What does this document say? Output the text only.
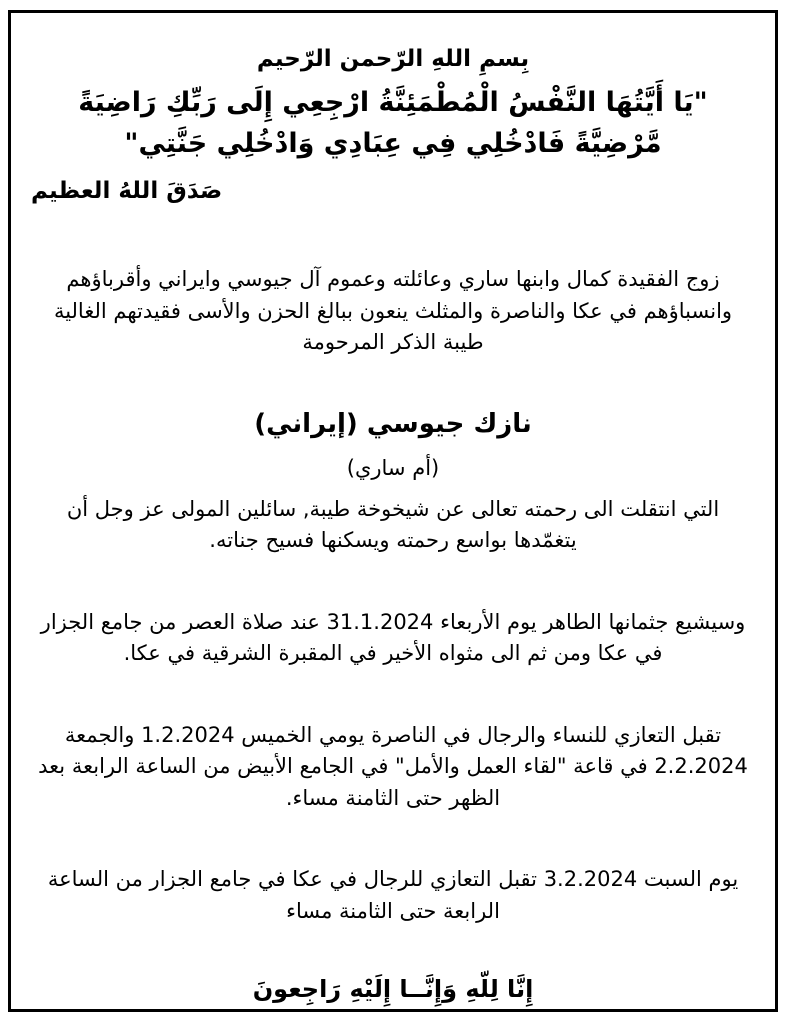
بِسمِ اللهِ الرّحمن الرّحيم
"يَا أَيَّتُهَا النَّفْسُ الْمُطْمَئِنَّةُ ارْجِعِي إِلَى رَبِّكِ رَاضِيَةً مَّرْضِيَّةً فَادْخُلِي فِي عِبَادِي وَادْخُلِي جَنَّتِي"
صَدَقَ اللهُ العظيم
زوج الفقيدة كمال وابنها ساري وعائلته وعموم آل جيوسي وايراني وأقرباؤهم وانسباؤهم في عكا والناصرة والمثلث ينعون ببالغ الحزن والأسى فقيدتهم الغالية طيبة الذكر المرحومة
نازك جيوسي (إيراني)
(أم ساري)
التي انتقلت الى رحمته تعالى عن شيخوخة طيبة, سائلين المولى عز وجل أن يتغمّدها بواسع رحمته ويسكنها فسيح جناته.
وسيشيع جثمانها الطاهر يوم الأربعاء 31.1.2024 عند صلاة العصر من جامع الجزار في عكا ومن ثم الى مثواه الأخير في المقبرة الشرقية في عكا.
تقبل التعازي للنساء والرجال في الناصرة يومي الخميس 1.2.2024 والجمعة 2.2.2024 في قاعة "لقاء العمل والأمل" في الجامع الأبيض من الساعة الرابعة بعد الظهر حتى الثامنة مساء.
يوم السبت 3.2.2024 تقبل التعازي للرجال في عكا في جامع الجزار من الساعة الرابعة حتى الثامنة مساء
إِنَّا لِلّهِ وَإِنَّــا إِلَيْهِ رَاجِعونَ
